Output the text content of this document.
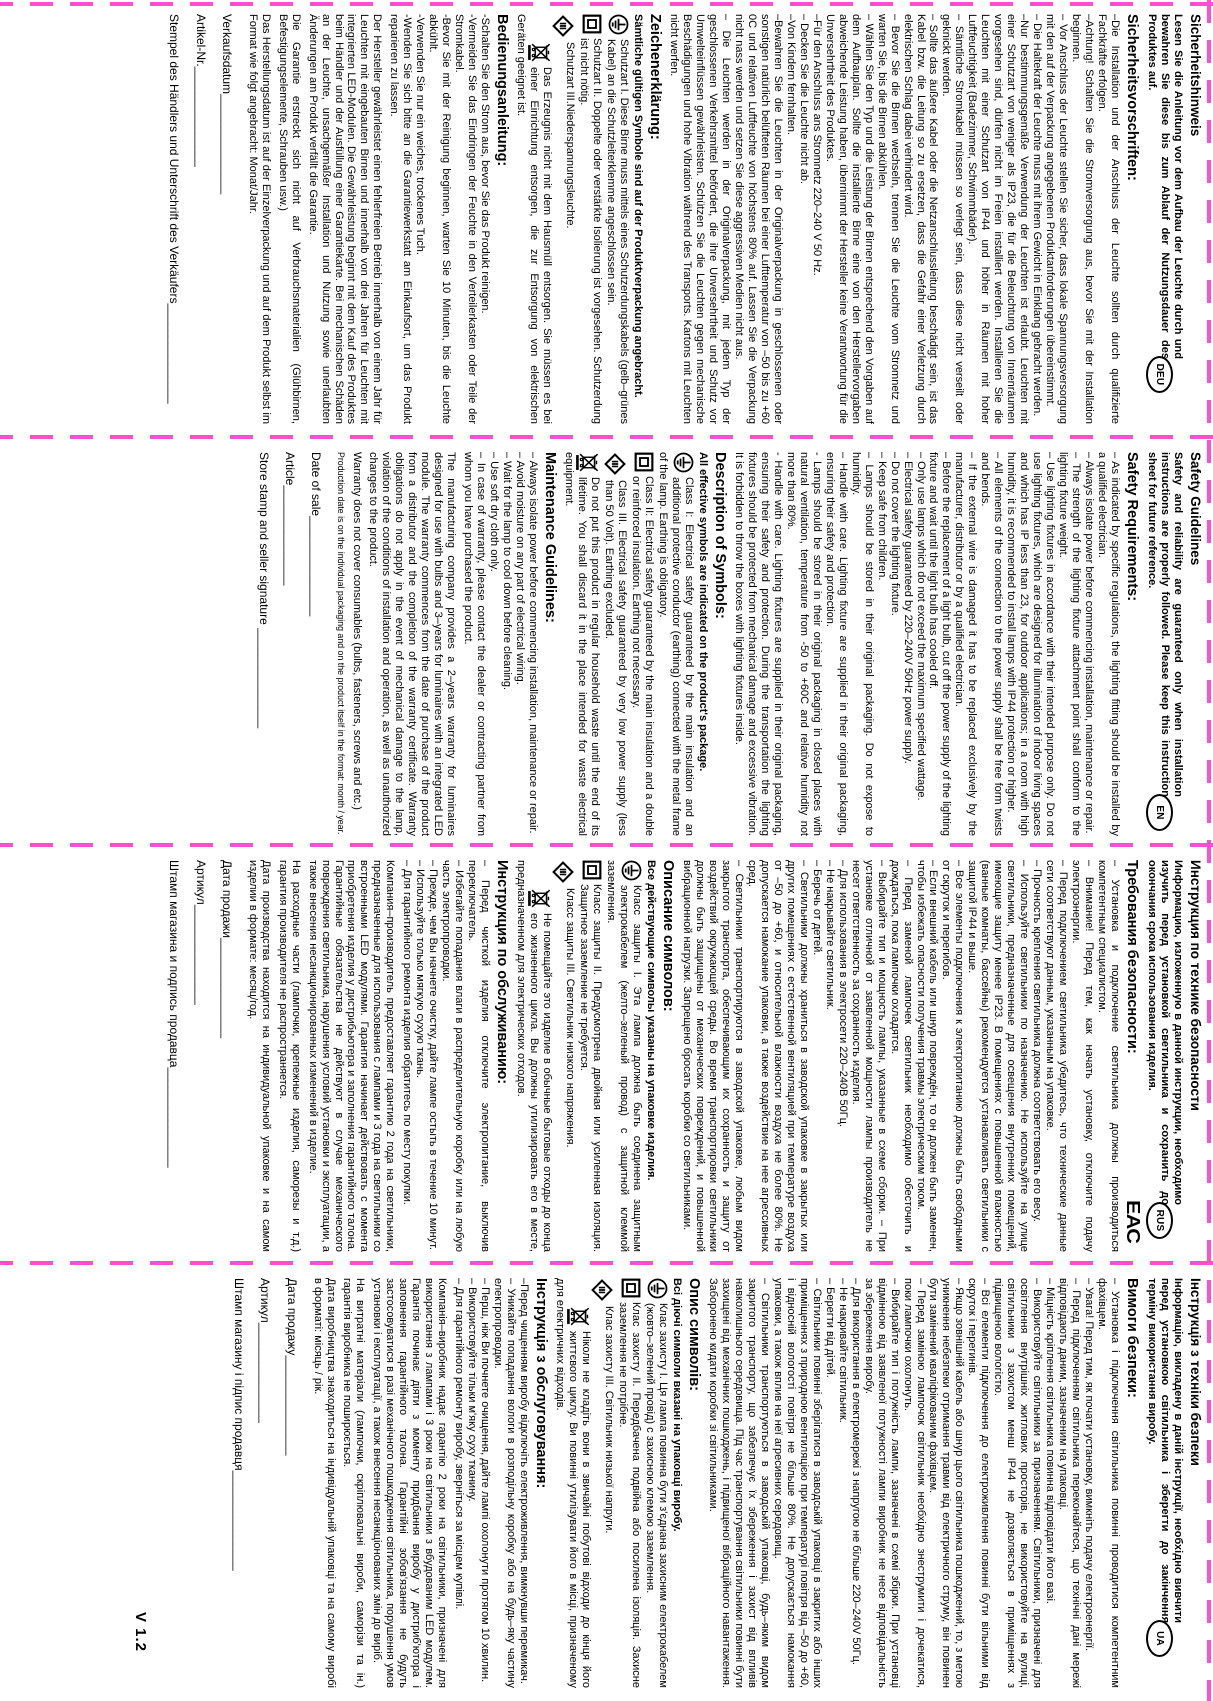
Sicherheitshinweis

Lesen Sie die Anleitung vor dem Aufbau der Leuchte durch und bewahren Sie diese bis zum Ablauf der Nutzungsdauer des Produktes auf.

DEU
Sicherheitsvorschriften:

–Die Installation und der Anschluss der Leuchte sollten durch qualifizierte Fachkräfte erfolgen.

–Achtung! Schalten Sie die Stromversorgung aus, bevor Sie mit der Installation beginnen.

– Vor Anschluss der Leuchte stellen Sie sicher, dass lokale Spannungsversorgung mit den auf der Verpackung angegebenen Produktanforderungen übereinstimmt.

– Die Haltekraft der Leuchte muss mit ihrem Gewicht in Einklang gebracht werden.

–Nur bestimmungsgemäße Verwendung der Leuchten ist erlaubt. Leuchten mit einer Schutzart von weniger als IP23, die für die Beleuchtung von Innenräumen vorgesehen sind, dürfen nicht im Freien installiert werden. Installieren Sie die Leuchten mit einer Schutzart von IP44 und höher in Räumen mit hoher Luftfeuchtigkeit (Badezimmer, Schwimmbäder).

– Sämtliche Stromkabel müssen so verlegt sein, dass diese nicht verseilt oder geknickt werden.

– Sollte das äußere Kabel oder die Netzanschlussleitung beschädigt sein, ist das Kabel bzw. die Leitung so zu ersetzen, dass die Gefahr einer Verletzung durch elektrischen Schlag dabei verhindert wird.

– Bevor Sie die Birnen wechseln, trennen Sie die Leuchte vom Stromnetz und warten Sie, bis die Birnen abkühlen.

– Wählen Sie den Typ und die Leistung der Birnen entsprechend den Vorgaben auf dem Aufbauplan. Sollte die installierte Birne eine von den Herstellervorgaben abweichende Leistung haben, übernimmt der Hersteller keine Verantwortung für die Unversehrtheit des Produktes.

–Für den Anschluss ans Stromnetz 220–240 V 50 Hz.

– Decken Sie die Leuchte nicht ab.

–Von Kindern fernhalten.

–Bewahren Sie die Leuchten in der Originalverpackung in geschlossenen oder sonstigen natürlich belüfteten Räumen bei einer Lufttemperatur von –50 bis zu +60 0C und relativen Luftfeuchte von höchstens 80% auf. Lassen Sie die Verpackung nicht nass werden und setzen Sie diese aggressiven Medien nicht aus.

– Die Leuchten werden in der Originalverpackung, mit jedem Typ der geschlossenen Verkehrsmittel befördert, die ihre Unversehrtheit und Schutz vor Umwelteinflüssen gewährleisten. Schützen Sie die Leuchten gegen mechanische Beschädigungen und hohe Vibration während des Transports. Kartons mit Leuchten nicht werfen.

Zeichenerklärung:

Sämtliche gültigen Symbole sind auf der Produktverpackung angebracht.

Schutzart I. Diese Birne muss mittels eines Schutzerdungskabels (gelb–grünes Kabel) an die Schutzleiterklemme angeschlossen sein.
Schutzart II. Doppelte oder verstärkte Isolierung ist vorgesehen. Schutzerdung ist nicht nötig.
Schutzart III.Niederspannungsleuchte.
Das Erzeugnis nicht mit dem Hausmüll entsorgen. Sie müssen es bei einer Einrichtung entsorgen, die zur Entsorgung von elektrischen Geräten geeignet ist.
Bedienungsanleitung:

-Schalten Sie den Strom aus, bevor Sie das Produkt reinigen.

-Vermeiden Sie das Eindringen der Feuchte in den Verteilerkasten oder Teile der Stromkabel.

-Bevor Sie mit der Reinigung beginnen, warten Sie 10 Minuten, bis die Leuchte abkühlt.

-Verwenden Sie nur ein weiches, trockenes Tuch.

-Wenden Sie sich bitte an die Garantiewerkstatt am Einkaufsort, um das Produkt reparieren zu lassen.

Der Hersteller gewährleistet einen fehlerfreien Betrieb innerhalb von einem Jahr für Leuchten mit eingebauten Birnen und innerhalb von drei Jahren für Leuchten mit integrierten LED-Modulen. Die Gewährleistung beginnt mit dem Kauf des Produktes beim Händler und der Ausfüllung einer Garantiekarte. Bei mechanischen Schäden an der Leuchte, unsachgemäßer Installation und Nutzung sowie unerlaubten Änderungen am Produkt verfällt die Garantie.

Die Garantie erstreckt sich nicht auf Verbrauchsmaterialien (Glühbirnen, Befestigungselemente, Schrauben usw.)

Das Herstellungsdatum ist auf der Einzelverpackung und auf dem Produkt selbst im Format wie folgt angebracht: Monat/Jahr.

Verkaufsdatum_______________

Artikel-Nr._______________

Stempel des Händlers und Unterschrift des Verkäufers_______________

Safety Guidelines

Safety and reliability are guaranteed only when installation instructions are properly followed. Please keep this instruction sheet for future reference.

EN
Safety Requirements:

– As indicated by specific regulations, the lighting fitting should be installed by a qualified electrician.

– Always isolate power before commencing installation, maintenance or repair.

– The strength of the lighting fixture attachment point shall conform to the lighting fixture weight.

– Use lighting fixtures in accordance with their intended purpose only. Do not use lighting fixtures, which are designed for illumination of indoor living spaces and which has IP less than 23, for outdoor applications; in a room with high humidity, it is recommended to install lamps with IP44 protection or higher.

– All elements of the connection to the power supply shall be free form twists and bends.

– If the external wire is damaged it has to be replaced exclusively by the manufacturer, distributor or by a qualified electrician.

– Before the replacement of a light bulb, cut off the power supply of the lighting fixture and wait until the light bulb has cooled off.

– Only use lamps which do not exceed the maximum specified wattage.

– Electrical safety guaranteed by 220–240V 50Hz power supply.

– Do not cover the lighting fixture.

– Keep safe from children.

– Lamps should be stored in their original packaging. Do not expose to humidity.

– Handle with care. Lighting fixture are supplied in their original packaging, ensuring their safety and protection.

- Lamps should be stored in their original packaging in closed places with natural ventilation, temperature from -50 to +60C and relative humidity not more than 80%.

- Handle with care. Lighting fixtures are supplied in their original packaging, ensuring their safety and protection. During the transportation the lighting fixtures should be protected from mechanical damage and excessive vibration. It is forbidden to throw the boxes with lighting fixtures inside.

Description of Symbols:

All effective symbols are indicated on the product's package.

Class I: Electrical safety guaranteed by the main insulation and an additional protective conductor (earthing) connected with the metal frame of the lamp. Earthing is obligatory.
Class II: Electrical safety guaranteed by the main insulation and a double or reinforced insulation. Earthing not necessary.
Class III. Electrical safety guaranteed by very low power supply (less than 50 Volt). Earthing excluded.
Do not put this product in regular household waste until the end of its lifetime. You shall discard it in the place intended for waste electrical equipment.
Maintenance Guidelines:

– Always isolate power before commencing installation, maintenance or repair.

– Avoid moisture on any part of electrical wiring.

– Wait for the lamp to cool down before cleaning.

– Use soft dry cloth only.

– In case of warranty, please contact the dealer or contracting partner from whom you have purchased the product.

The manufacturing company provides a 2–years warranty for luminaires designed for use with bulbs and 3–years for luminaires with an integrated LED module. The warranty commences from the date of purchase of the product from a distributor and the completion of the warranty certificate. Warranty obligations do not apply in the event of mechanical damage to the lamp, violation of the conditions of installation and operation, as well as unauthorized changes to the product.

Warranty does not cover consumables (bulbs, fasteners, screws and etc.)

Production date is on the individual packaging and on the product itself in the format: month / year.

Date of sale_______________

Article_______________

Store stamp and seller signature _______________

Инструкция по технике безопасности

Информацию, изложенную в данной инструкции, необходимо изучить перед установкой светильника и сохранить до окончания срока использования изделия.

RUS
ЕАС
Требования безопасности:

– Установка и подключение светильника должны производиться компетентным специалистом.

– Внимание! Перед тем, как начать установку, отключите подачу электроэнергии.

– Перед подключением светильника убедитесь, что технические данные сети соответствуют данным, указанным на упаковке.

– Прочность крепления светильника должна соответствовать его весу.

– Используйте светильники по назначению. Не используйте на улице светильники, предназначенные для освещения внутренних помещений, имеющие защиту менее IP23. В помещениях с повышенной влажностью (ванные комнаты, бассейны) рекомендуется устанавливать светильники с защитой IP44 и выше.

– Все элементы подключения к электропитанию должны быть свободными от скруток и перегибов.

– Если внешний кабель или шнур повреждён, то он должен быть заменен, чтобы избежать опасности получения травмы электрическим током.

– Перед заменой лампочек светильник необходимо обесточить и дождаться, пока лампочки охладятся.

– Выбирайте тип и мощность лампы, указанные в схеме сборки. – При установке отличной от заявленной мощности лампы производитель не несет ответственность за сохранность изделия.

– Для использования в электросети 220–240В 50Гц.

– Не накрывайте светильник.

– Беречь от детей.

– Светильники должны храниться в заводской упаковке в закрытых или других помещениях с естественной вентиляцией при температуре воздуха от –50 до +60, и относительной влажности воздуха не более 80%. Не допускается намокание упаковки, а также воздействие на нее агрессивных сред.

– Светильники транспортируются в заводской упаковке, любым видом закрытого транспорта, обеспечивающим их сохранность и защиту от воздействий окружающей среды. Во время транспортировки светильники должны быть защищены от механических повреждений, и повышенной вибрационной нагрузки. Запрещено бросать коробки со светильниками.

Описание символов:

Все действующие символы указаны на упаковке изделия.

Класс защиты I. Эта лампа должна быть соединена защитным электрокабелем (желто–зеленый провод) с защитной клеммой заземления.
Класс защиты II. Предусмотрена двойная или усиленная изоляция. Защитное заземление не требуется.
Класс защиты III. Светильник низкого напряжения.
Не помещайте это изделие в обычные бытовые отходы до конца его жизненного цикла. Вы должны утилизировать его в месте, предназначенном для электрических отходов.
Инструкция по обслуживанию:

– Перед чисткой изделия отключите электропитание, выключив переключатель.

– Избегайте попадания влаги в распределительную коробку или на любую часть электропроводки.

– Прежде, чем Вы начнете очистку, дайте лампе остыть в течение 10 минут.

– Используйте только мягкую сухую ткань.

– Для гарантийного ремонта изделия обратитесь по месту покупки.

Компания–производитель предоставляет гарантию 2 года на светильники, предназначенные для использования с лампами и 3 года на светильники со встроенными LED модулями. Гарантия начинает действовать с момента приобретения изделия у дистрибьютера и заполнения гарантийного талона. Гарантийные обязательства не действуют в случае механического повреждения светильника, нарушения условий установки и эксплуатации, а также внесения несанкционированных изменений в изделие.

На расходные части (лампочки, крепежные изделия, саморезы и т.д.) гарантия производителя не распространяется.

Дата производства находится на индивидуальной упаковке и на самом изделии в формате: месяц/год.

Дата продажи_______________

Артикул_______________

Штамп магазина и подпись продавца_______________

Інструкція з техніки безпеки

Інформацію, викладену в даній інструкції, необхідно вивчити перед установкою світильника і зберегти до закінчення терміну використання виробу.

UA
Вимоги безпеки:

– Установка і підключення світильника повинні проводитися компетентним фахівцем.

– Увага! Перед тим, як почати установку, вимкніть подачу електроенергії.

– Перед підключенням світильника переконайтеся, що технічні дані мережі відповідають даним, зазначеним на упаковці.

– Міцність кріплення світильника повинна відповідати його вазі.

– Використовуйте світильники за призначенням. Світильники, призначені для освітлення внутрішніх житлових просторів, не використовуйте на вулиці, світильники з захистом менш ІР44 не дозволяється в приміщеннях з підвищеною вологістю.

– Всі елементи підключення до електроживлення повинні бути вільними від скруток і перегинів.

– Якщо зовнішній кабель або шнур цього світильника пошкоджений, то, з метою уникнення небезпеки отримання травми від електричного струму, він повинен бути замінений кваліфікованим фахівцем.

– Перед заміною лампочок світильник необхідно знеструмити і дочекатися, поки лампочки охолонуть.

– Вибирайте тип і потужність лампи, зазначені в схемі збірки. При установці відмінною від заявленої потужності лампи виробник не несе відповідальність за збереження виробу.

– Для використання в електромережі з напругою не більше 220–240V 50Гц.

– Не накривайте світильник.

– Берегти від дітей.

– Світильники повинні зберігатися в заводській упаковці в закритих або інших приміщеннях з природною вентиляцією при температурі повітря від –50 до +60, і відносній вологості повітря не більше 80%. Не допускається намокання упаковки, а також вплив на неї агресивних середовищ.

– Світильники транспортуються в заводській упаковці, будь–яким видом закритого транспорту, що забезпечує їх збереження і захист від впливів навколишнього середовища. Під час транспортування світильники повинні бути захищені від механічних пошкоджень, і підвищеної вібраційного навантаження. Заборонено кидати коробки зі світильниками.

Опис символів:

Всі діючі символи вказані на упаковці виробу.

Клас захисту I. Ця лампа повинна бути з'єднана захисним електрокабелем (жовто–зелений провід) с захисною клемою заземлення.
Клас захисту II. Передбачена подвійна або посилена ізоляція. Захисне заземлення не потрібне.
Клас захисту III. Світильник низької напруги.
Ніколи не кладіть вони в звичайні побутові відходи до кінця його життєвого циклу. Ви повинні утилізувати його в місці, призначеному для електричних відходів.
Інструкція з обслуговування:

–Перед чищенням виробу відключіть електроживлення, вимкнувши перемикач.

– Уникайте попадання вологи в розподільну коробку або на будь–яку частину електропроводки.

– Перш, ніж Ви почнете очищення, дайте лампі охолонути протягом 10 хвилин.

– Використовуйте тільки м'яку суху тканину.

– Для гарантійного ремонту виробу, зверніться за місцем купівлі.

Компанія–виробник надає гарантію 2 роки на світильники, призначені для використання з лампами і 3 роки на світильники з вбудованим LED модулем. Гарантія починає діяти з моменту придбання виробу у дистриб'ютора і заповнення гарантійного талона. Гарантійні зобов'язання не будуть застосовуватися в разі механічного пошкодження світильника, порушення умов установки і експлуатації, а також внесення несанкціонованих змін до виріб.

На витратні матеріали (лампочки, скріплювальні вироби, саморізи та ін.) гарантія виробника не поширюється.

Дата виробництва знаходиться на індивідуальній упаковці та на самому виробі в форматі: місяць / рік.

Дата продажу_______________

Артикул_______________

Штамп магазину і підпис продавця_______________

V 1.2
